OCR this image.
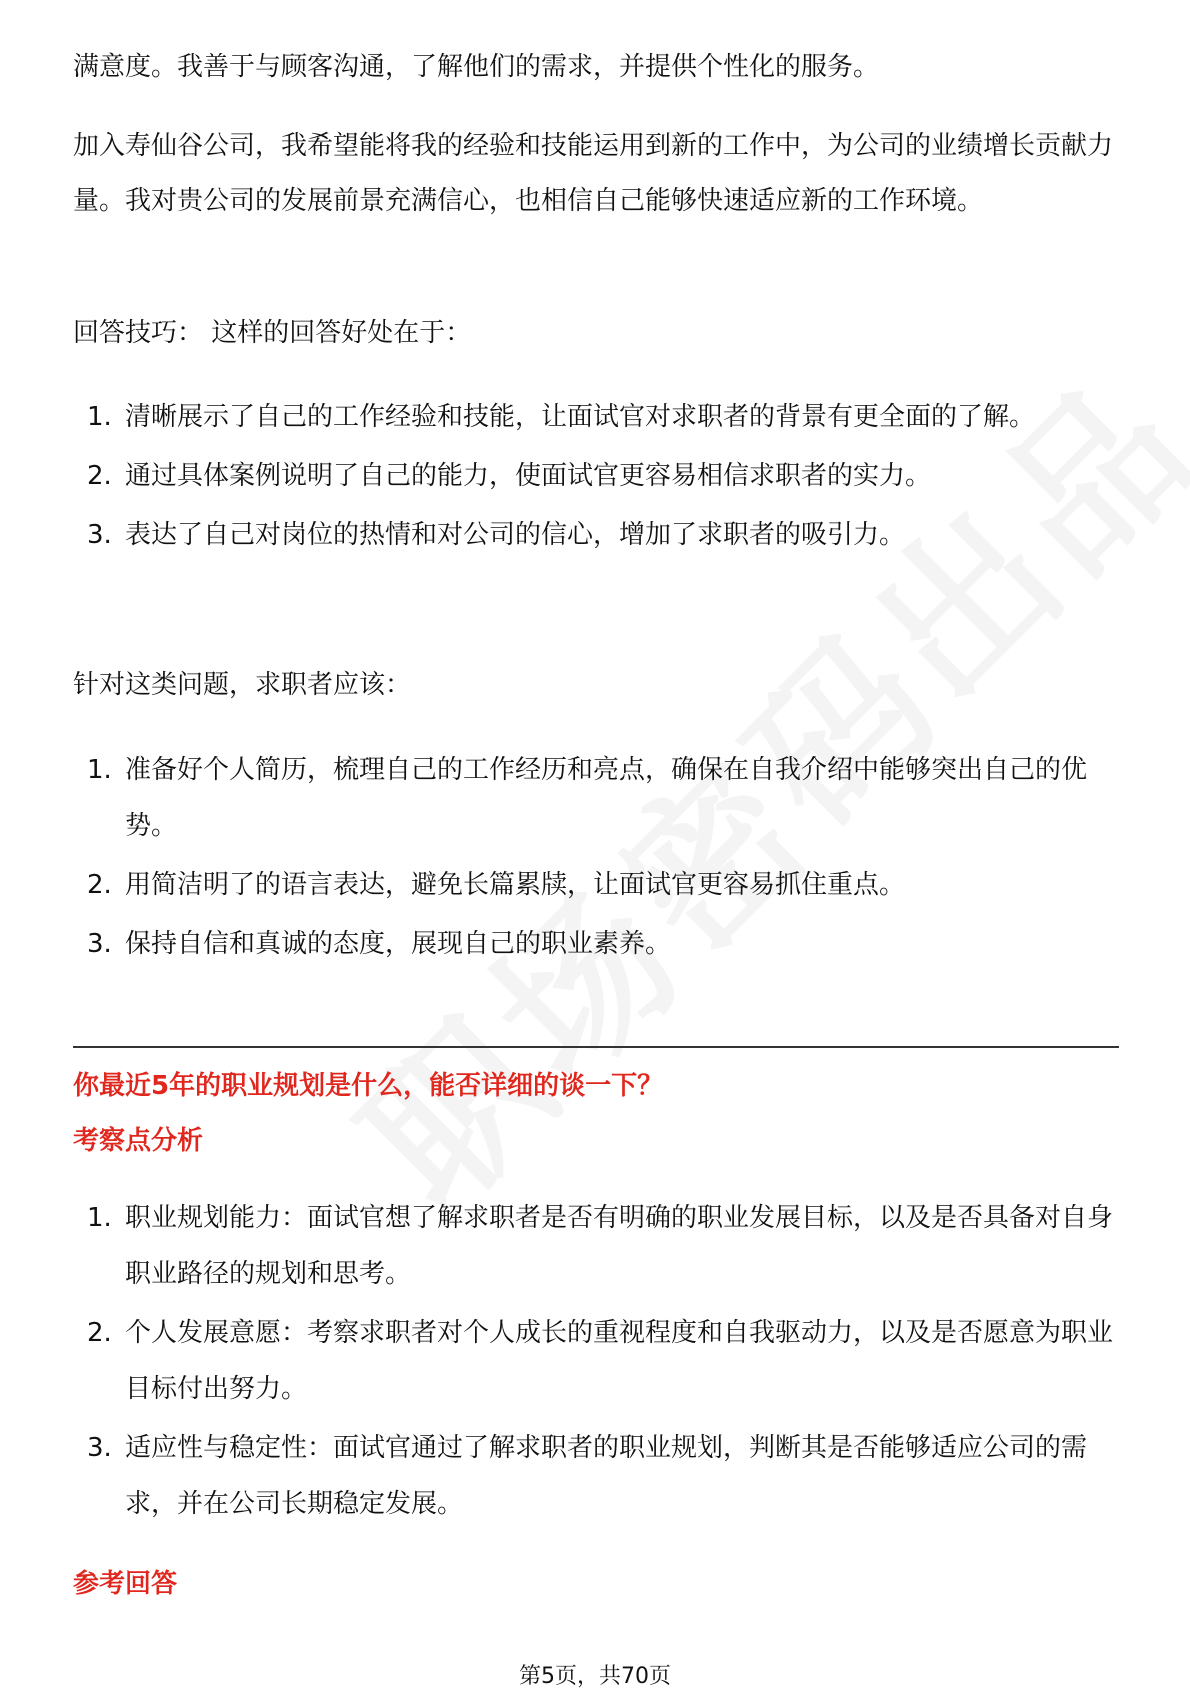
满意度。我善于与顾客沟通，了解他们的需求，并提供个性化的服务。

加入寿仙谷公司，我希望能将我的经验和技能运用到新的工作中，为公司的业绩增长贡献力量。我对贵公司的发展前景充满信心，也相信自己能够快速适应新的工作环境。

回答技巧： 这样的回答好处在于：

1. 清晰展示了自己的工作经验和技能，让面试官对求职者的背景有更全面的了解。
2. 通过具体案例说明了自己的能力，使面试官更容易相信求职者的实力。
3. 表达了自己对岗位的热情和对公司的信心，增加了求职者的吸引力。

针对这类问题，求职者应该：

1. 准备好个人简历，梳理自己的工作经历和亮点，确保在自我介绍中能够突出自己的优势。
2. 用简洁明了的语言表达，避免长篇累牍，让面试官更容易抓住重点。
3. 保持自信和真诚的态度，展现自己的职业素养。

你最近5年的职业规划是什么，能否详细的谈一下？

考察点分析

1. 职业规划能力：面试官想了解求职者是否有明确的职业发展目标，以及是否具备对自身职业路径的规划和思考。
2. 个人发展意愿：考察求职者对个人成长的重视程度和自我驱动力，以及是否愿意为职业目标付出努力。
3. 适应性与稳定性：面试官通过了解求职者的职业规划，判断其是否能够适应公司的需求，并在公司长期稳定发展。

参考回答

第5页，共70页
